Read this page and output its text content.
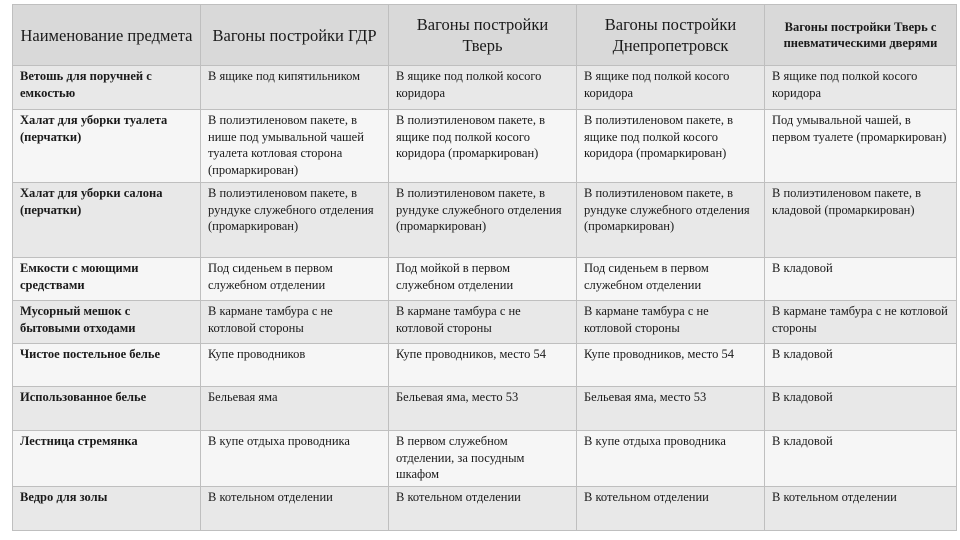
Наименование предмета	Вагоны постройки ГДР	Вагоны постройки Тверь	Вагоны постройки Днепропетровск	Вагоны постройки Тверь с пневматическими дверями
Ветошь для поручней с емкостью	В ящике под кипятильником	В ящике под полкой косого коридора	В ящике под полкой косого коридора	В ящике под полкой косого коридора
Халат для уборки туалета (перчатки)	В полиэтиленовом пакете, в нише под умывальной чашей туалета котловая сторона (промаркирован)	В полиэтиленовом пакете, в ящике под полкой косого коридора (промаркирован)	В полиэтиленовом пакете, в ящике под полкой косого коридора (промаркирован)	Под умывальной чашей, в первом туалете (промаркирован)
Халат для уборки салона (перчатки)	В полиэтиленовом пакете, в рундуке служебного отделения (промаркирован)	В полиэтиленовом пакете, в рундуке служебного отделения (промаркирован)	В полиэтиленовом пакете, в рундуке служебного отделения (промаркирован)	В полиэтиленовом пакете, в кладовой (промаркирован)
Емкости с моющими средствами	Под сиденьем в первом служебном отделении	Под мойкой в первом служебном отделении	Под сиденьем в первом служебном отделении	В кладовой
Мусорный мешок с бытовыми отходами	В кармане тамбура с не котловой стороны	В кармане тамбура с не котловой стороны	В кармане тамбура с не котловой стороны	В кармане тамбура с не котловой стороны
Чистое постельное белье	Купе проводников	Купе проводников, место 54	Купе проводников, место 54	В кладовой
Использованное белье	Бельевая яма	Бельевая яма, место 53	Бельевая яма, место 53	В кладовой
Лестница стремянка	В купе отдыха проводника	В первом служебном отделении, за посудным шкафом	В купе отдыха проводника	В кладовой
Ведро для золы	В котельном отделении	В котельном отделении	В котельном отделении	В котельном отделении
